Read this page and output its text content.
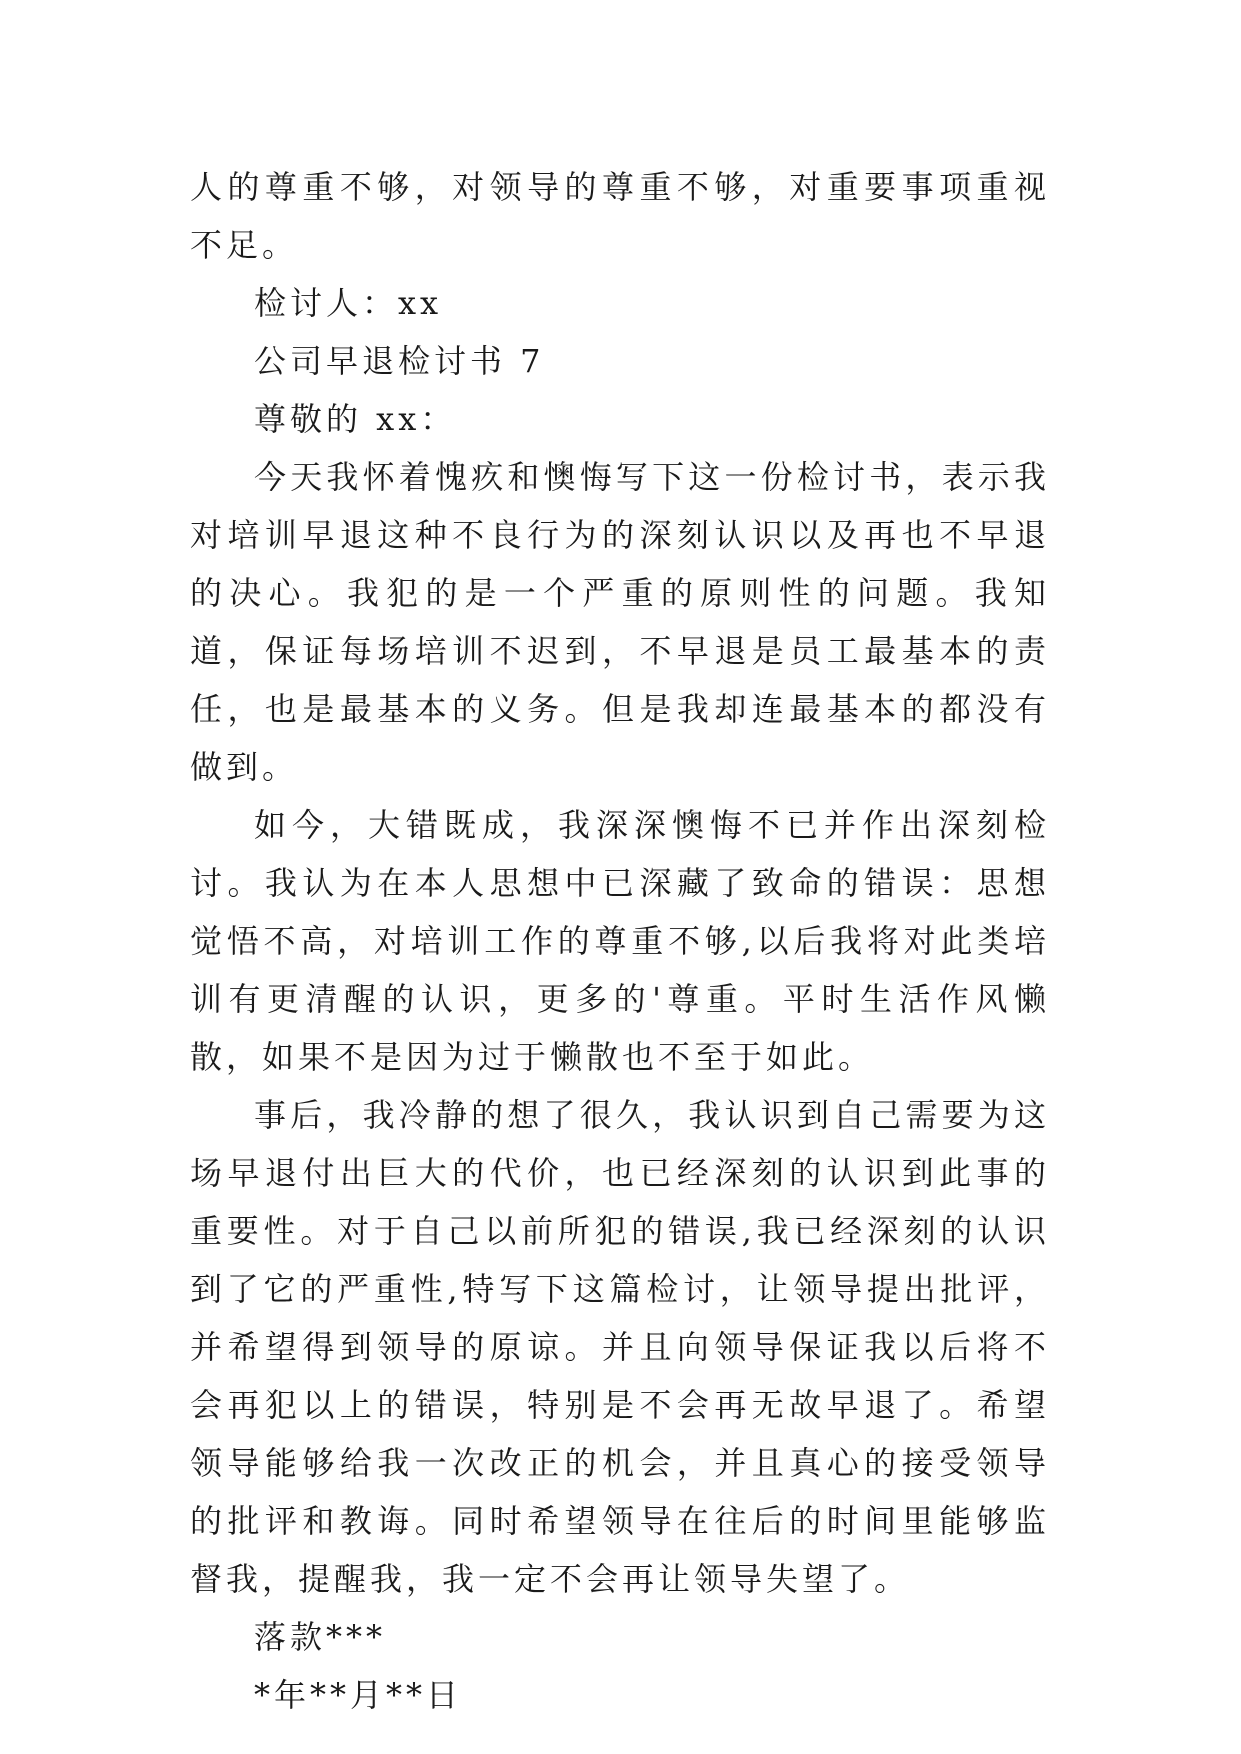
人的尊重不够，对领导的尊重不够，对重要事项重视不足。

检讨人：xx

公司早退检讨书 7

尊敬的 xx：

今天我怀着愧疚和懊悔写下这一份检讨书，表示我对培训早退这种不良行为的深刻认识以及再也不早退的决心。我犯的是一个严重的原则性的问题。我知道，保证每场培训不迟到，不早退是员工最基本的责任，也是最基本的义务。但是我却连最基本的都没有做到。

如今，大错既成，我深深懊悔不已并作出深刻检讨。我认为在本人思想中已深藏了致命的错误：思想觉悟不高，对培训工作的尊重不够,以后我将对此类培训有更清醒的认识，更多的'尊重。平时生活作风懒散，如果不是因为过于懒散也不至于如此。

事后，我冷静的想了很久，我认识到自己需要为这场早退付出巨大的代价，也已经深刻的认识到此事的重要性。对于自己以前所犯的错误,我已经深刻的认识到了它的严重性,特写下这篇检讨，让领导提出批评，并希望得到领导的原谅。并且向领导保证我以后将不会再犯以上的错误，特别是不会再无故早退了。希望领导能够给我一次改正的机会，并且真心的接受领导的批评和教诲。同时希望领导在往后的时间里能够监督我，提醒我，我一定不会再让领导失望了。

落款***

*年**月**日
